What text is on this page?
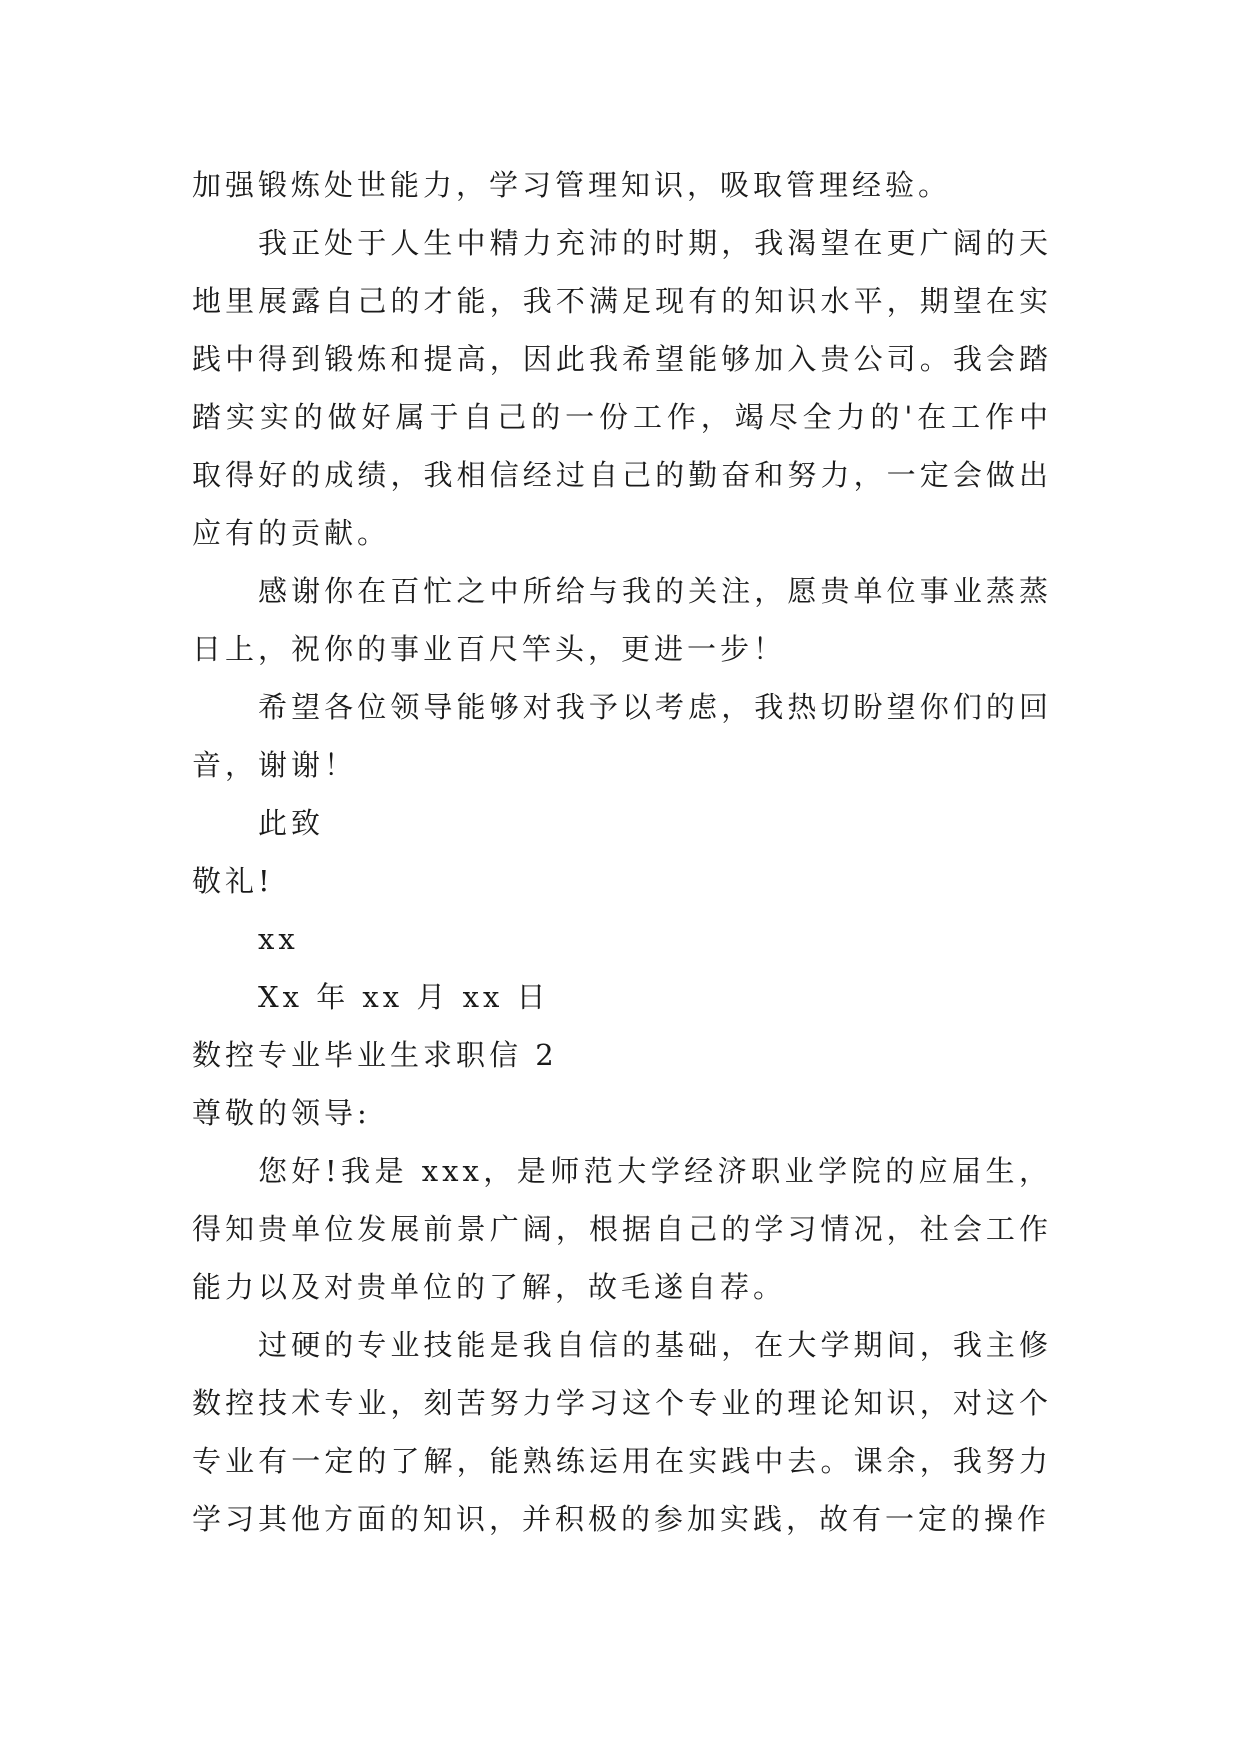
加强锻炼处世能力，学习管理知识，吸取管理经验。

我正处于人生中精力充沛的时期，我渴望在更广阔的天地里展露自己的才能，我不满足现有的知识水平，期望在实践中得到锻炼和提高，因此我希望能够加入贵公司。我会踏踏实实的做好属于自己的一份工作，竭尽全力的'在工作中取得好的成绩，我相信经过自己的勤奋和努力，一定会做出应有的贡献。

感谢你在百忙之中所给与我的关注，愿贵单位事业蒸蒸日上，祝你的事业百尺竿头，更进一步！

希望各位领导能够对我予以考虑，我热切盼望你们的回音，谢谢！

此致

敬礼!

xx

Xx 年 xx 月 xx 日

数控专业毕业生求职信 2

尊敬的领导:

您好!我是 xxx，是师范大学经济职业学院的应届生，得知贵单位发展前景广阔，根据自己的学习情况，社会工作能力以及对贵单位的了解，故毛遂自荐。

过硬的专业技能是我自信的基础，在大学期间，我主修数控技术专业，刻苦努力学习这个专业的理论知识，对这个专业有一定的了解，能熟练运用在实践中去。课余，我努力学习其他方面的知识，并积极的参加实践，故有一定的操作
